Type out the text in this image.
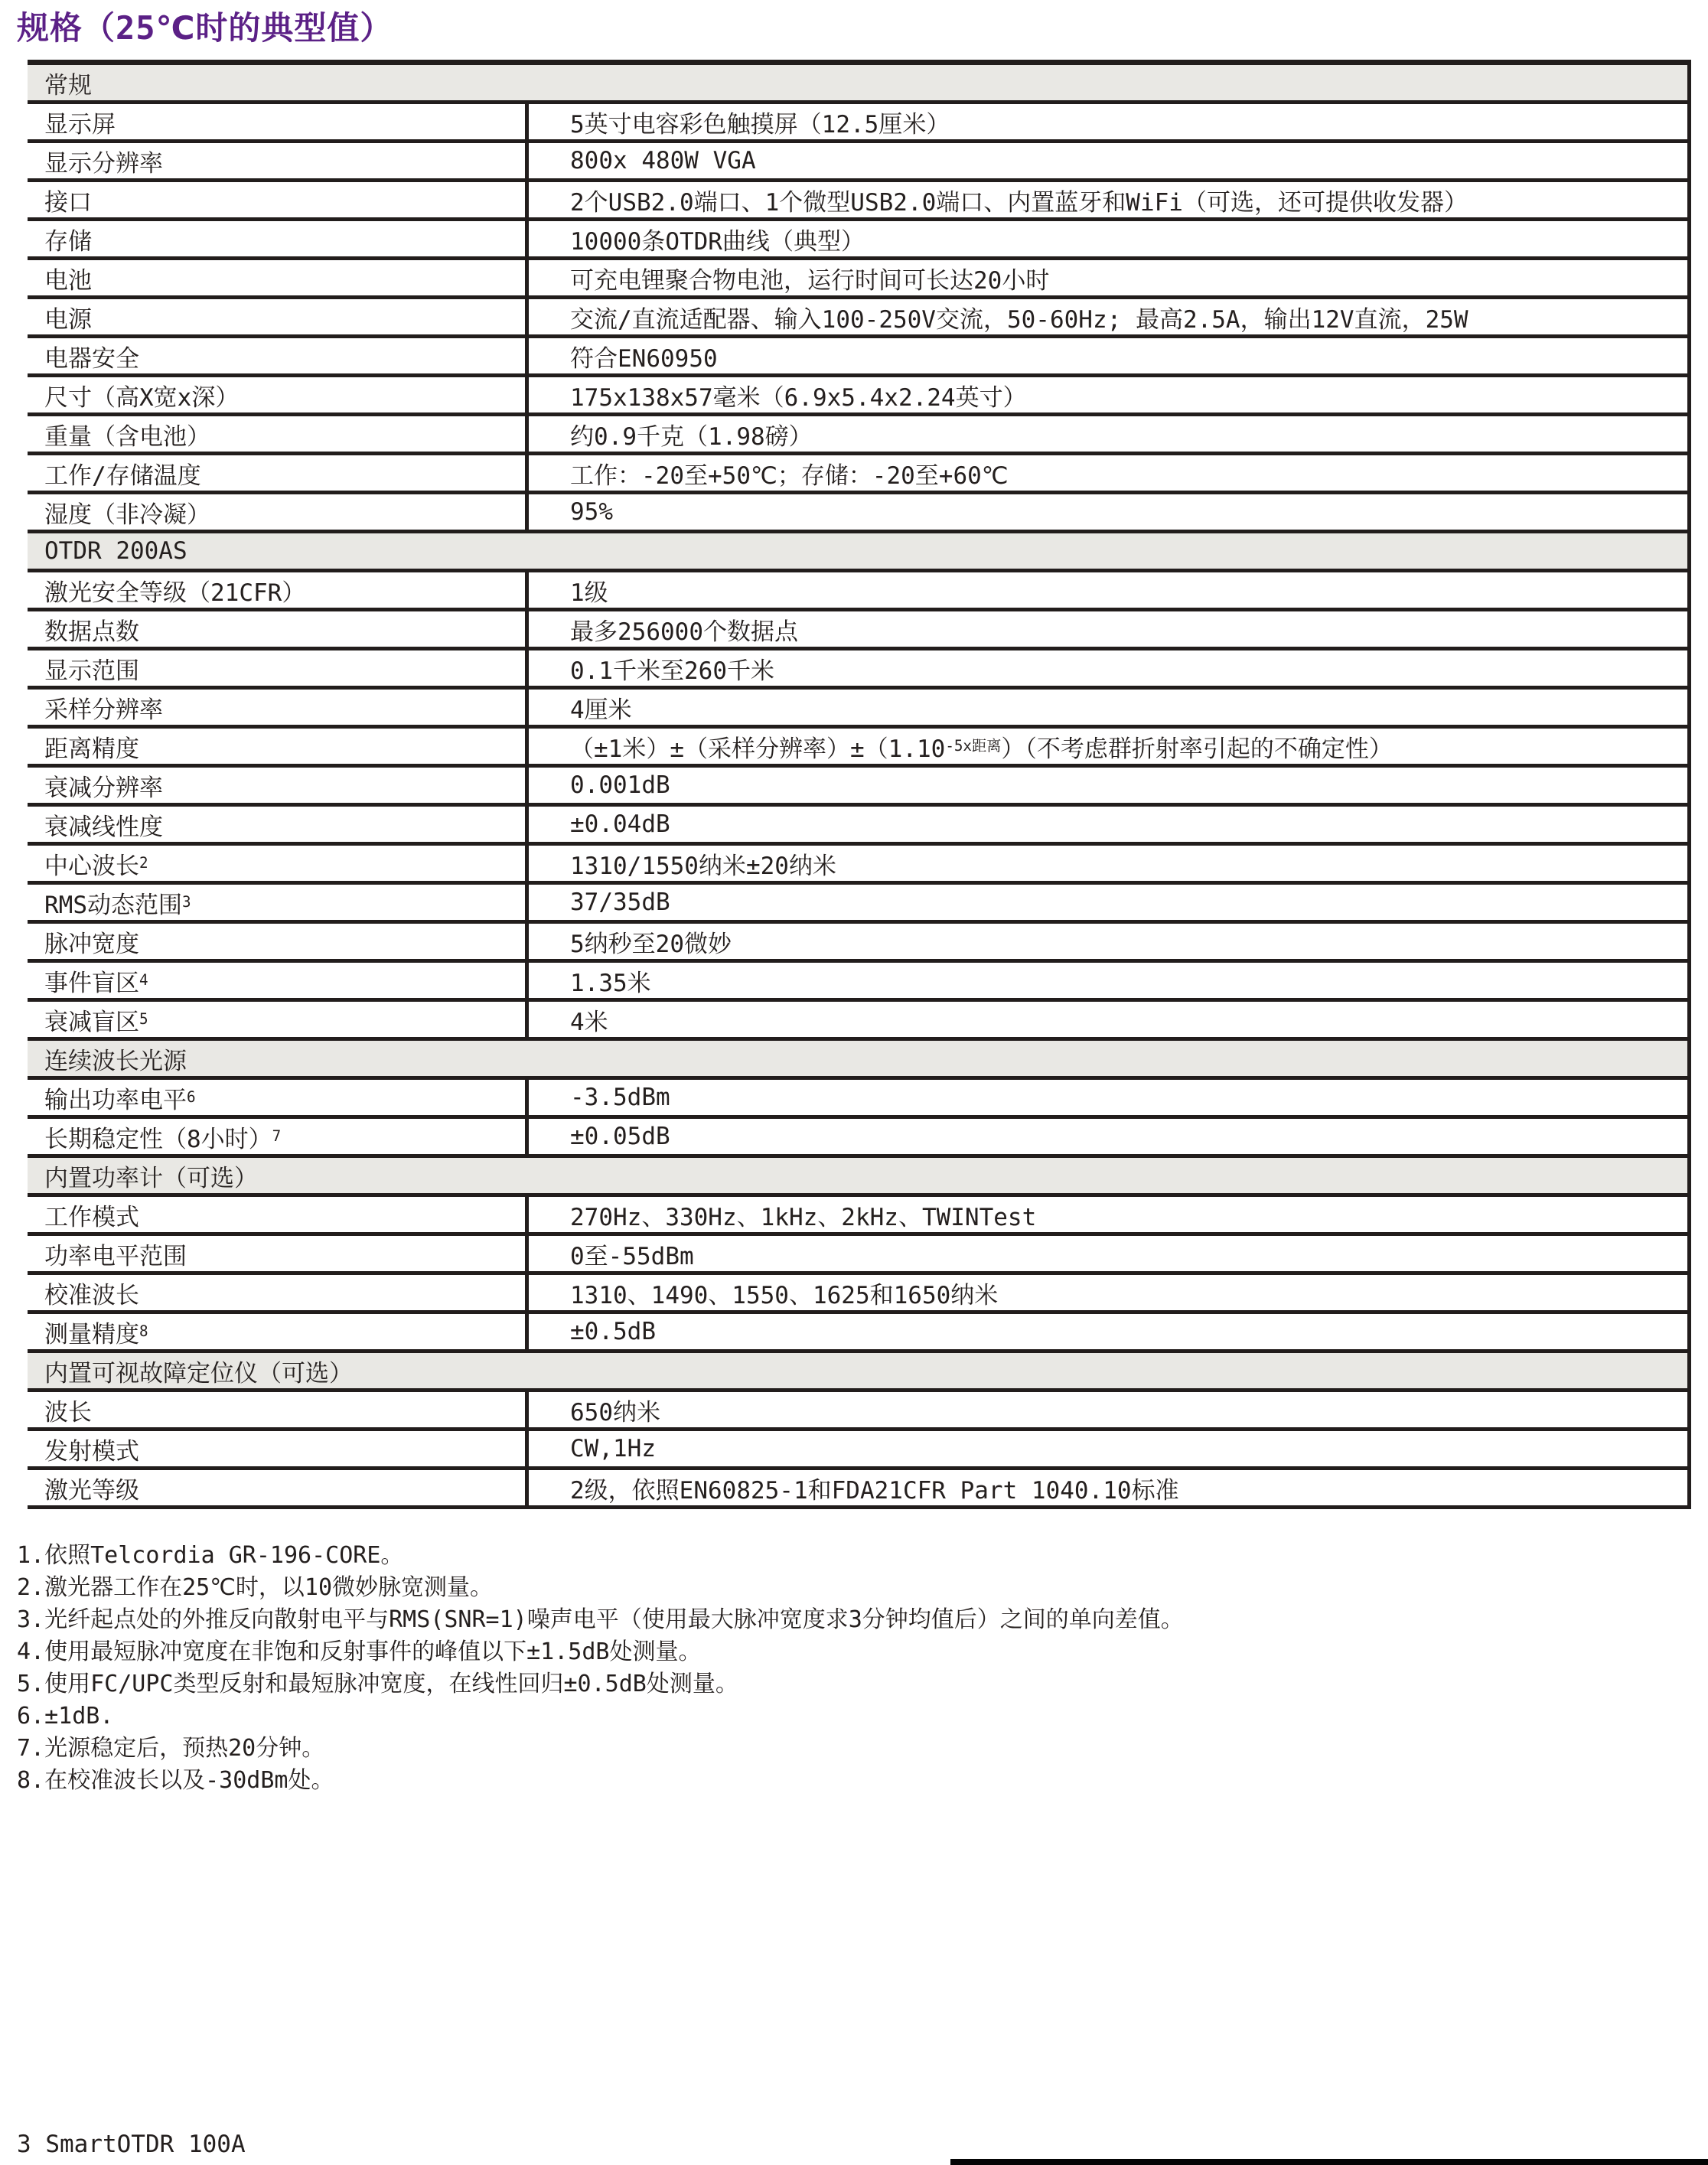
规格（25℃时的典型值）
常规
显示屏	5英寸电容彩色触摸屏（12.5厘米）
显示分辨率	800x 480W VGA
接口	2个USB2.0端口、1个微型USB2.0端口、内置蓝牙和WiFi（可选，还可提供收发器）
存储	10000条OTDR曲线（典型）
电池	可充电锂聚合物电池，运行时间可长达20小时
电源	交流/直流适配器、输入100-250V交流，50-60Hz; 最高2.5A，输出12V直流，25W
电器安全	符合EN60950
尺寸（高X宽x深）	175x138x57毫米（6.9x5.4x2.24英寸）
重量（含电池）	约0.9千克（1.98磅）
工作/存储温度	工作：-20至+50℃；存储：-20至+60℃
湿度（非冷凝）	95%
OTDR 200AS
激光安全等级（21CFR）	1级
数据点数	最多256000个数据点
显示范围	0.1千米至260千米
采样分辨率	4厘米
距离精度	（±1米）±（采样分辨率）±（1.10 -5x距离 ）（不考虑群折射率引起的不确定性）
衰减分辨率	0.001dB
衰减线性度	±0.04dB
中心波长 2	1310/1550纳米±20纳米
RMS动态范围 3	37/35dB
脉冲宽度	5纳秒至20微妙
事件盲区 4	1.35米
衰减盲区 5	4米
连续波长光源
输出功率电平 6	-3.5dBm
长期稳定性（8小时） 7	±0.05dB
内置功率计（可选）
工作模式	270Hz、330Hz、1kHz、2kHz、TWINTest
功率电平范围	0至-55dBm
校准波长	1310、1490、1550、1625和1650纳米
测量精度 8	±0.5dB
内置可视故障定位仪（可选）
波长	650纳米
发射模式	CW,1Hz
激光等级	2级，依照EN60825-1和FDA21CFR Part 1040.10标准
1.依照Telcordia GR-196-CORE。
2.激光器工作在25℃时，以10微妙脉宽测量。
3.光纤起点处的外推反向散射电平与RMS(SNR=1)噪声电平（使用最大脉冲宽度求3分钟均值后）之间的单向差值。
4.使用最短脉冲宽度在非饱和反射事件的峰值以下±1.5dB处测量。
5.使用FC/UPC类型反射和最短脉冲宽度，在线性回归±0.5dB处测量。
6.±1dB.
7.光源稳定后，预热20分钟。
8.在校准波长以及-30dBm处。
3 SmartOTDR 100A
